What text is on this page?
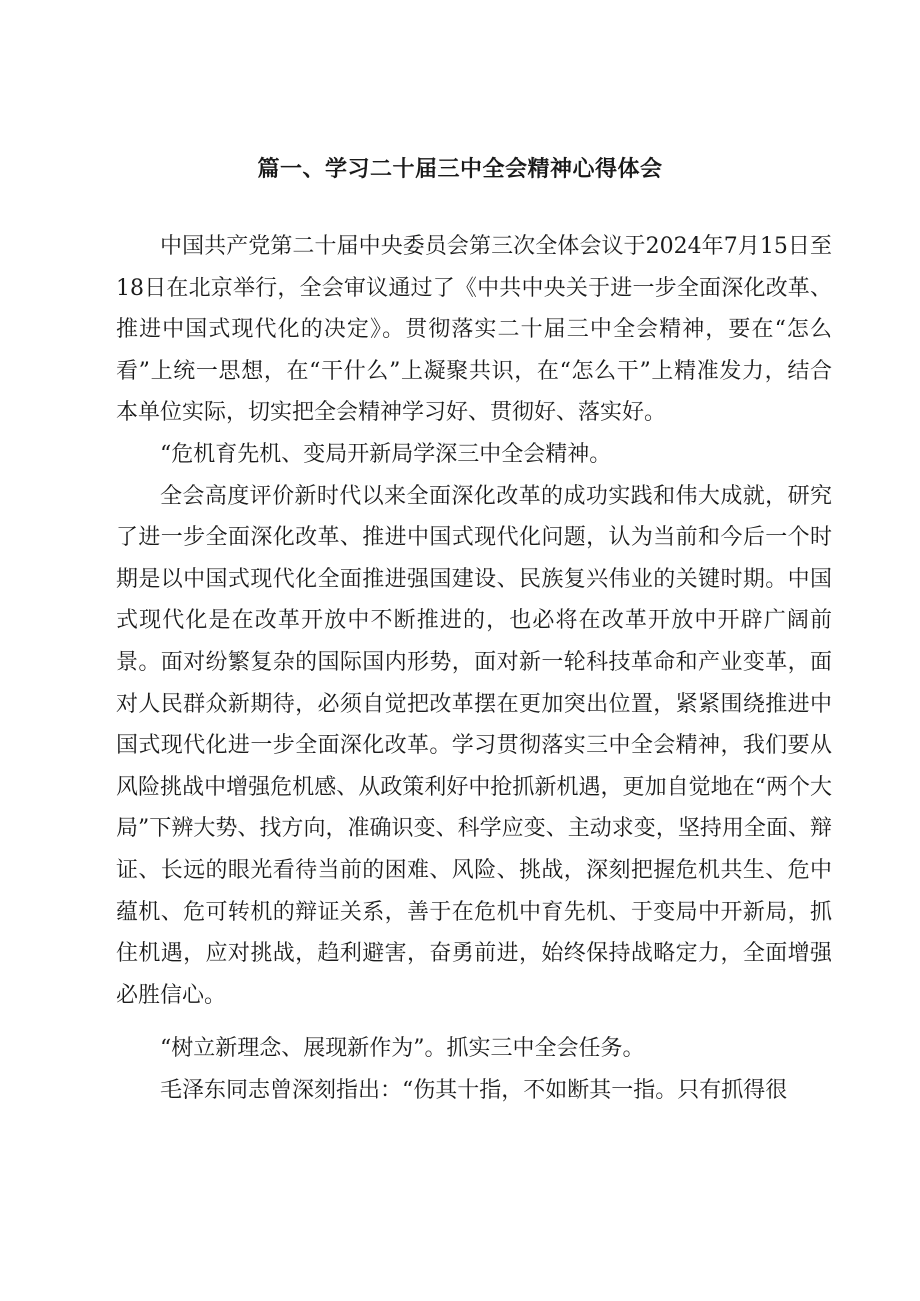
篇一、学习二十届三中全会精神心得体会

中国共产党第二十届中央委员会第三次全体会议于2024年7月15日至18日在北京举行，全会审议通过了《中共中央关于进一步全面深化改革、推进中国式现代化的决定》。贯彻落实二十届三中全会精神，要在“怎么看”上统一思想，在“干什么”上凝聚共识，在“怎么干”上精准发力，结合本单位实际，切实把全会精神学习好、贯彻好、落实好。

“危机育先机、变局开新局学深三中全会精神。

全会高度评价新时代以来全面深化改革的成功实践和伟大成就，研究了进一步全面深化改革、推进中国式现代化问题，认为当前和今后一个时期是以中国式现代化全面推进强国建设、民族复兴伟业的关键时期。中国式现代化是在改革开放中不断推进的，也必将在改革开放中开辟广阔前景。面对纷繁复杂的国际国内形势，面对新一轮科技革命和产业变革，面对人民群众新期待，必须自觉把改革摆在更加突出位置，紧紧围绕推进中国式现代化进一步全面深化改革。学习贯彻落实三中全会精神，我们要从风险挑战中增强危机感、从政策利好中抢抓新机遇，更加自觉地在“两个大局”下辨大势、找方向，准确识变、科学应变、主动求变，坚持用全面、辩证、长远的眼光看待当前的困难、风险、挑战，深刻把握危机共生、危中蕴机、危可转机的辩证关系，善于在危机中育先机、于变局中开新局，抓住机遇，应对挑战，趋利避害，奋勇前进，始终保持战略定力，全面增强必胜信心。

“树立新理念、展现新作为”。抓实三中全会任务。

毛泽东同志曾深刻指出：“伤其十指，不如断其一指。只有抓得很
